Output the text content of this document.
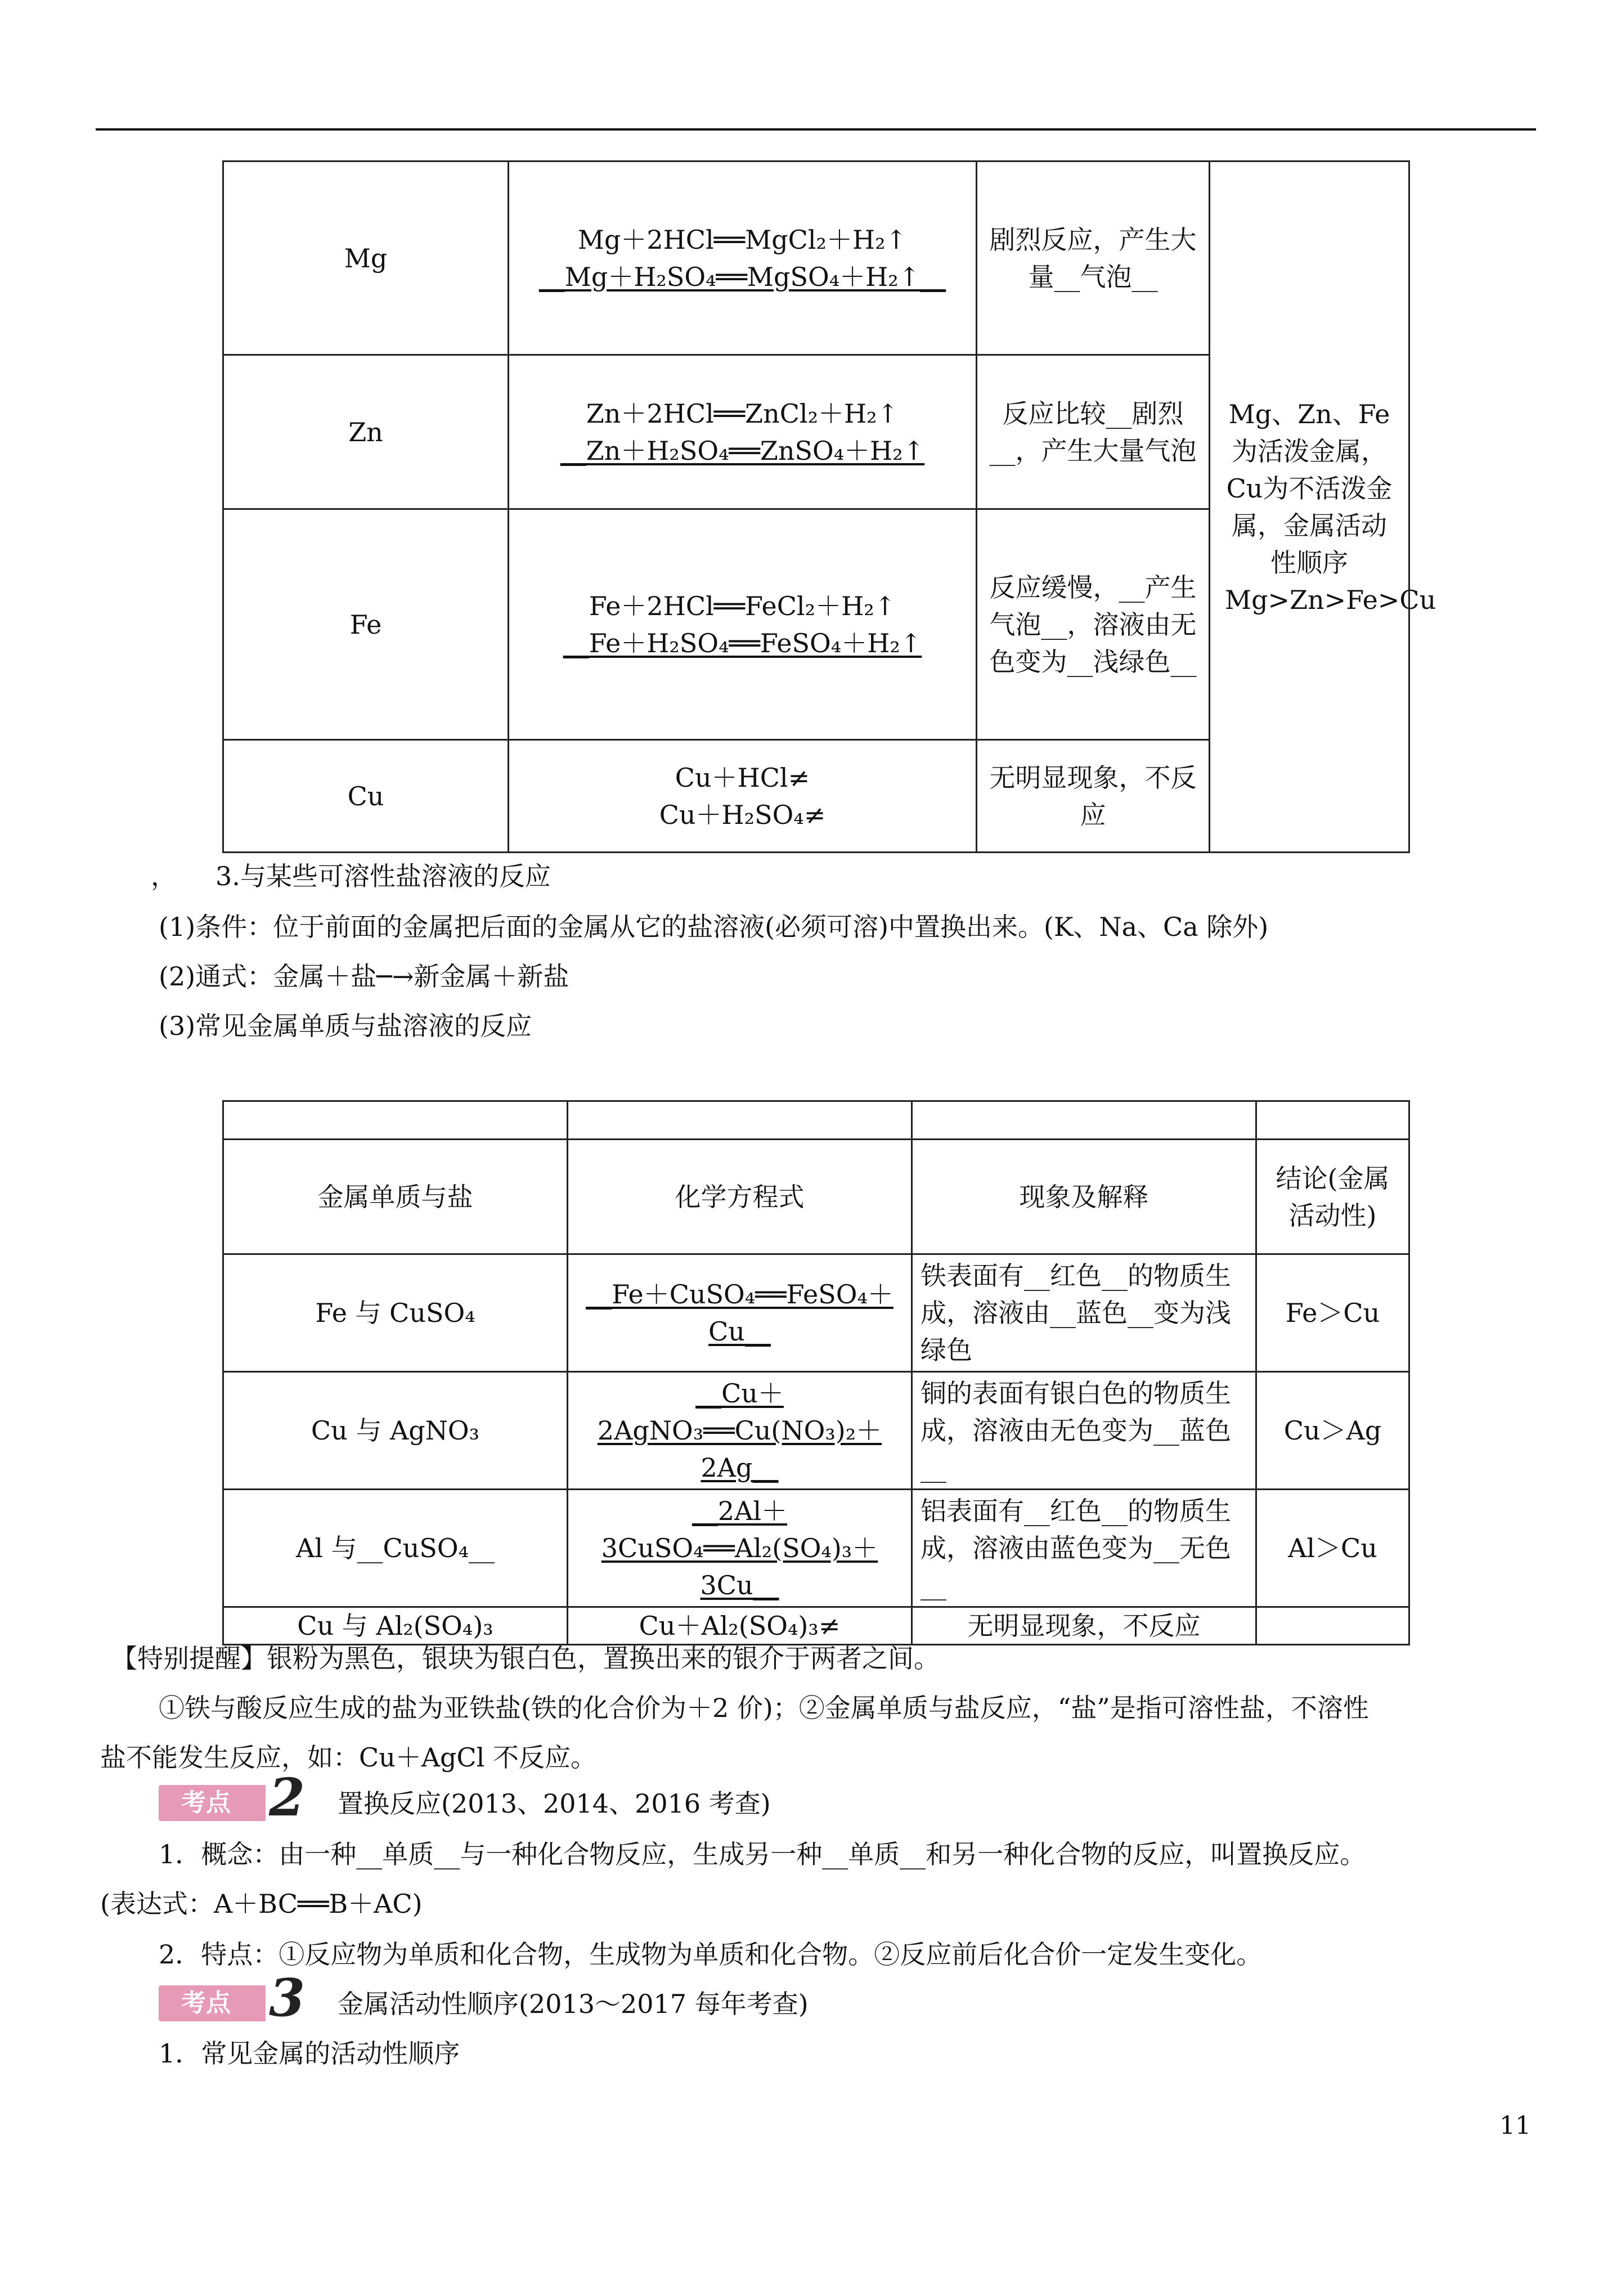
Mg	Mg＋2HCl══MgCl₂＋H₂↑
__Mg＋H₂SO₄══MgSO₄＋H₂↑__	剧烈反应，产生大量__气泡__	Mg、Zn、Fe为活泼金属，Cu为不活泼金属，金属活动性顺序Mg>Zn>Fe>Cu
Zn	Zn＋2HCl══ZnCl₂＋H₂↑
__Zn＋H₂SO₄══ZnSO₄＋H₂↑	反应比较__剧烈__，产生大量气泡	
Fe	Fe＋2HCl══FeCl₂＋H₂↑
__Fe＋H₂SO₄══FeSO₄＋H₂↑	反应缓慢，__产生气泡__，溶液由无色变为__浅绿色__	
Cu	Cu＋HCl≠
Cu＋H₂SO₄≠	无明显现象，不反应	
，　　3.与某些可溶性盐溶液的反应
(1)条件：位于前面的金属把后面的金属从它的盐溶液(必须可溶)中置换出来。(K、Na、Ca 除外)
(2)通式：金属＋盐─→新金属＋新盐
(3)常见金属单质与盐溶液的反应

金属单质与盐	化学方程式	现象及解释	结论(金属活动性)
Fe 与 CuSO₄	__Fe＋CuSO₄══FeSO₄＋Cu__	铁表面有__红色__的物质生成，溶液由__蓝色__变为浅绿色	Fe＞Cu
Cu 与 AgNO₃	__Cu＋2AgNO₃══Cu(NO₃)₂＋2Ag__	铜的表面有银白色的物质生成，溶液由无色变为__蓝色__	Cu＞Ag
Al 与__CuSO₄__	__2Al＋3CuSO₄══Al₂(SO₄)₃＋3Cu__	铝表面有__红色__的物质生成，溶液由蓝色变为__无色__	Al＞Cu
Cu 与 Al₂(SO₄)₃	Cu＋Al₂(SO₄)₃≠	无明显现象，不反应	
【特别提醒】银粉为黑色，银块为银白色，置换出来的银介于两者之间。
①铁与酸反应生成的盐为亚铁盐(铁的化合价为＋2 价)；②金属单质与盐反应，“盐”是指可溶性盐，不溶性
盐不能发生反应，如：Cu＋AgCl 不反应。
考点 2	置换反应(2013、2014、2016 考查)
1．概念：由一种__单质__与一种化合物反应，生成另一种__单质__和另一种化合物的反应，叫置换反应。
(表达式：A＋BC══B＋AC)
2．特点：①反应物为单质和化合物，生成物为单质和化合物。②反应前后化合价一定发生变化。
考点 3	金属活动性顺序(2013～2017 每年考查)
1．常见金属的活动性顺序
11
